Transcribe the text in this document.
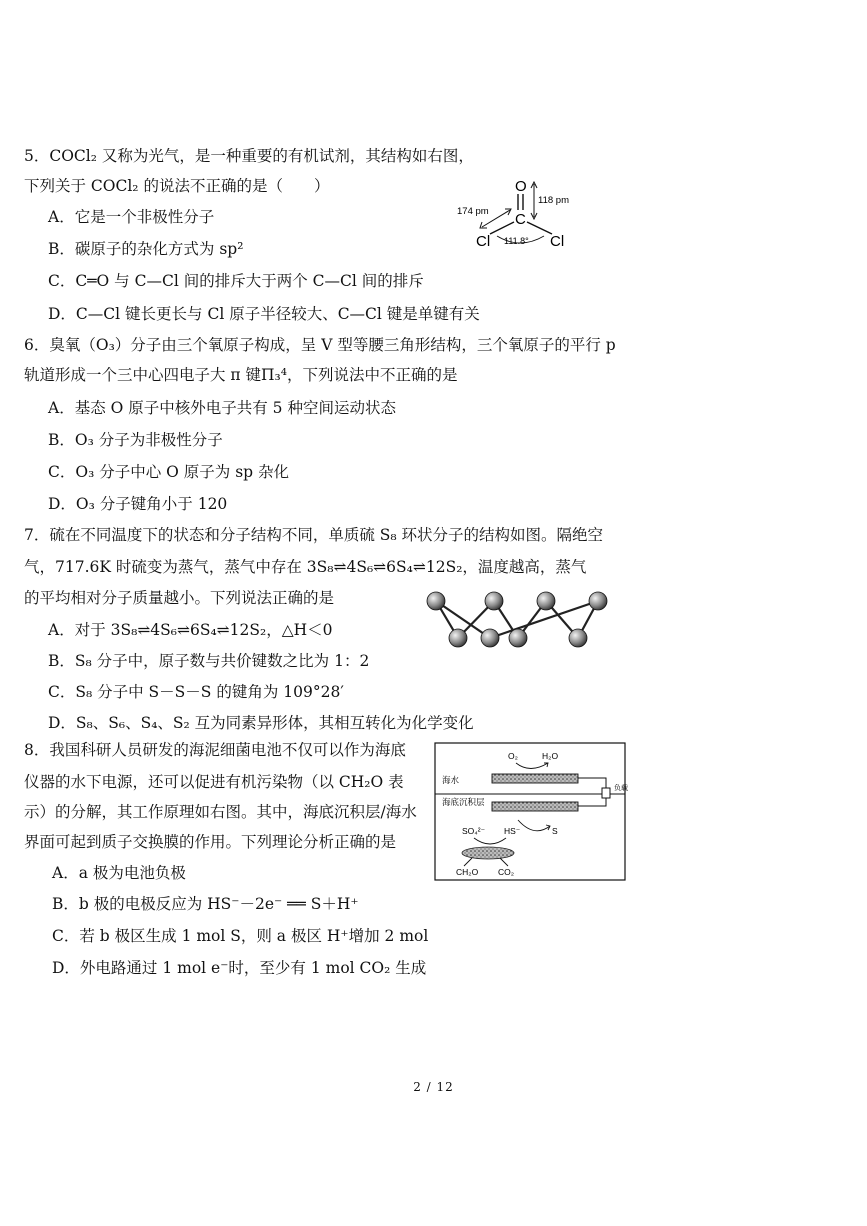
5．COCl₂ 又称为光气，是一种重要的有机试剂，其结构如右图，
下列关于 COCl₂ 的说法不正确的是（　　）
A．它是一个非极性分子
B．碳原子的杂化方式为 sp²
C．C═O 与 C—Cl 间的排斥大于两个 C—Cl 间的排斥
D．C—Cl 键长更长与 Cl 原子半径较大、C—Cl 键是单键有关
O
C
Cl	Cl
118 pm
174 pm
111.8°
6．臭氧（O₃）分子由三个氧原子构成，呈 V 型等腰三角形结构，三个氧原子的平行 p
轨道形成一个三中心四电子大 π 键Π₃⁴，下列说法中不正确的是
A．基态 O 原子中核外电子共有 5 种空间运动状态
B．O₃ 分子为非极性分子
C．O₃ 分子中心 O 原子为 sp 杂化
D．O₃ 分子键角小于 120
7．硫在不同温度下的状态和分子结构不同，单质硫 S₈ 环状分子的结构如图。隔绝空
气，717.6K 时硫变为蒸气，蒸气中存在 3S₈⇌4S₆⇌6S₄⇌12S₂，温度越高，蒸气
的平均相对分子质量越小。下列说法正确的是
A．对于 3S₈⇌4S₆⇌6S₄⇌12S₂，△H＜0
B．S₈ 分子中，原子数与共价键数之比为 1：2
C．S₈ 分子中 S－S－S 的键角为 109°28′
D．S₈、S₆、S₄、S₂ 互为同素异形体，其相互转化为化学变化
8．我国科研人员研发的海泥细菌电池不仅可以作为海底
仪器的水下电源，还可以促进有机污染物（以 CH₂O 表
示）的分解，其工作原理如右图。其中，海底沉积层/海水
界面可起到质子交换膜的作用。下列理论分析正确的是
A．a 极为电池负极
B．b 极的电极反应为 HS⁻－2e⁻ ══ S＋H⁺
C．若 b 极区生成 1 mol S，则 a 极区 H⁺增加 2 mol
D．外电路通过 1 mol e⁻时，至少有 1 mol CO₂ 生成
O₂	H₂O
海水
海底沉积层
负载
SO₄²⁻ HS⁻	S
CH₂O CO₂
2 / 12
